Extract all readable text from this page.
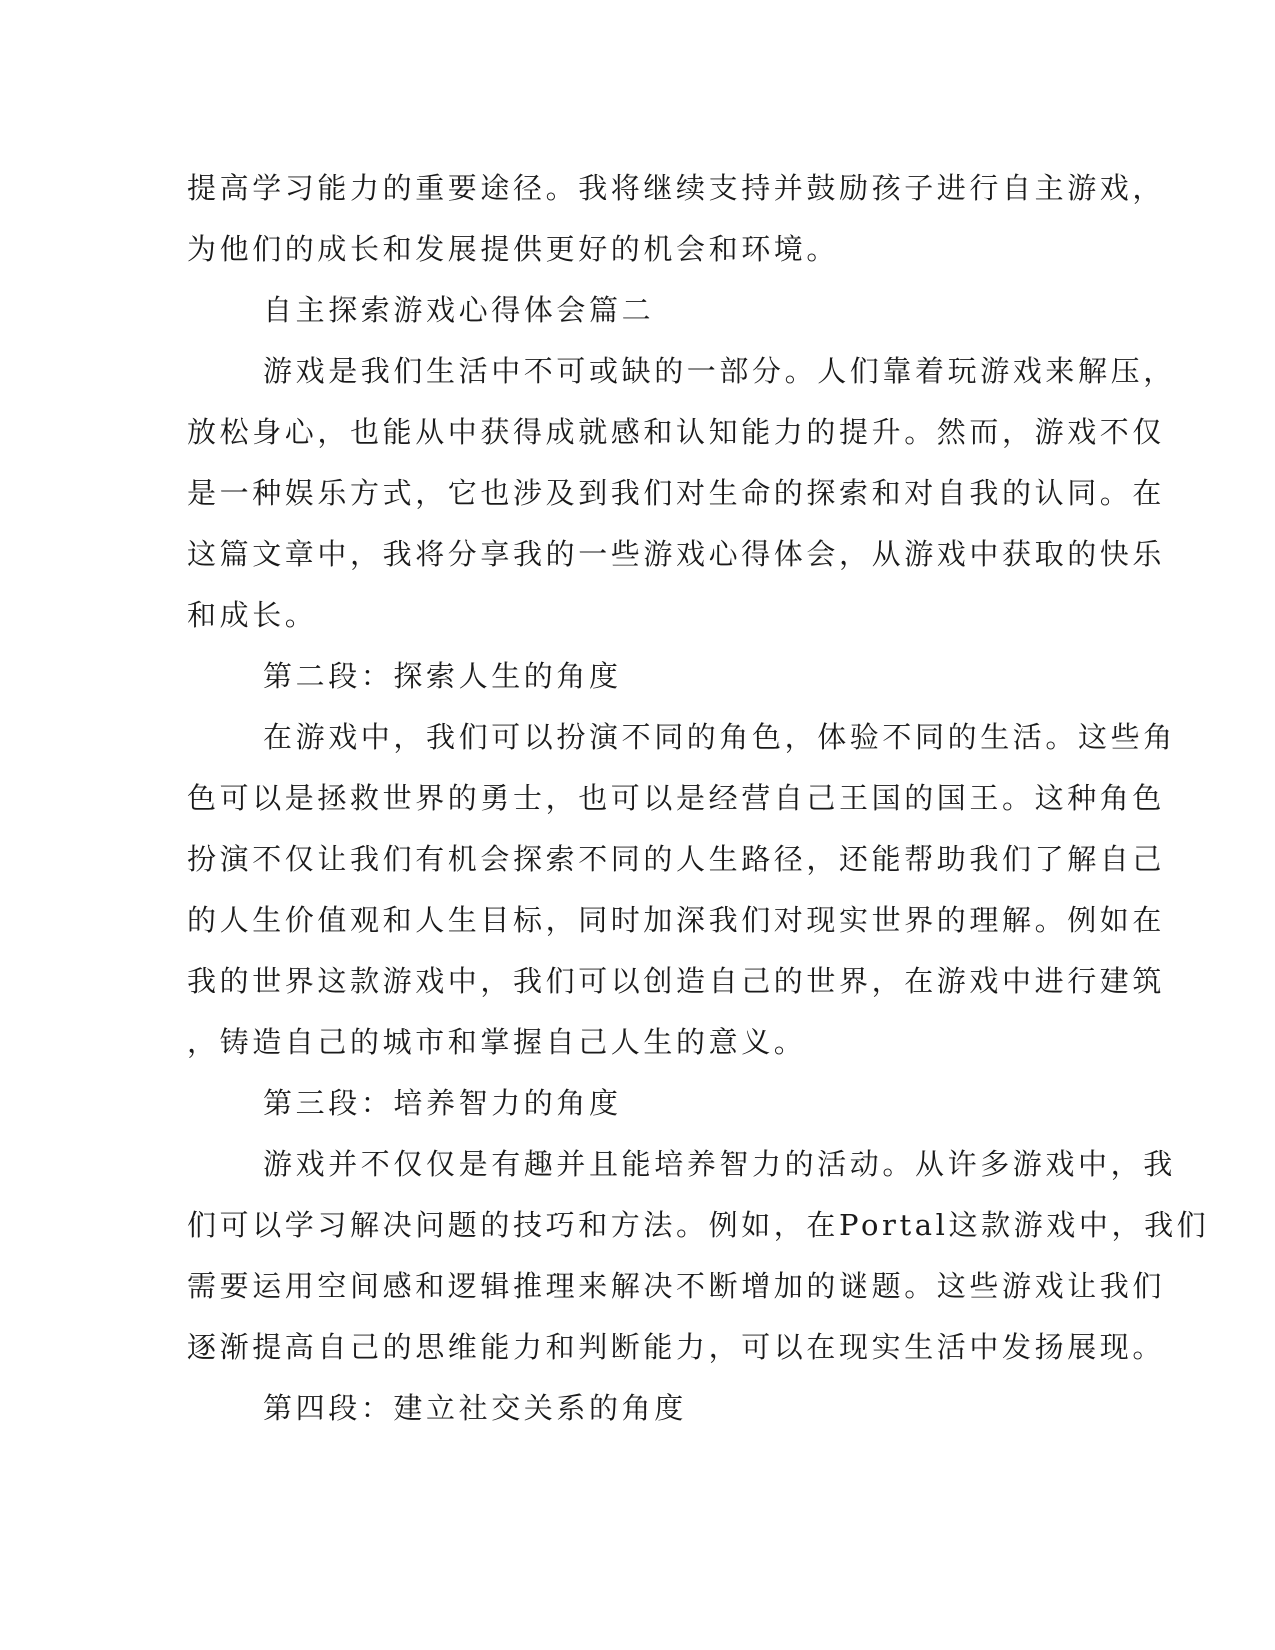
提高学习能力的重要途径。我将继续支持并鼓励孩子进行自主游戏，
为他们的成长和发展提供更好的机会和环境。
自主探索游戏心得体会篇二
游戏是我们生活中不可或缺的一部分。人们靠着玩游戏来解压，
放松身心，也能从中获得成就感和认知能力的提升。然而，游戏不仅
是一种娱乐方式，它也涉及到我们对生命的探索和对自我的认同。在
这篇文章中，我将分享我的一些游戏心得体会，从游戏中获取的快乐
和成长。
第二段：探索人生的角度
在游戏中，我们可以扮演不同的角色，体验不同的生活。这些角
色可以是拯救世界的勇士，也可以是经营自己王国的国王。这种角色
扮演不仅让我们有机会探索不同的人生路径，还能帮助我们了解自己
的人生价值观和人生目标，同时加深我们对现实世界的理解。例如在
我的世界这款游戏中，我们可以创造自己的世界，在游戏中进行建筑
，铸造自己的城市和掌握自己人生的意义。
第三段：培养智力的角度
游戏并不仅仅是有趣并且能培养智力的活动。从许多游戏中，我
们可以学习解决问题的技巧和方法。例如，在Portal这款游戏中，我们
需要运用空间感和逻辑推理来解决不断增加的谜题。这些游戏让我们
逐渐提高自己的思维能力和判断能力，可以在现实生活中发扬展现。
第四段：建立社交关系的角度
